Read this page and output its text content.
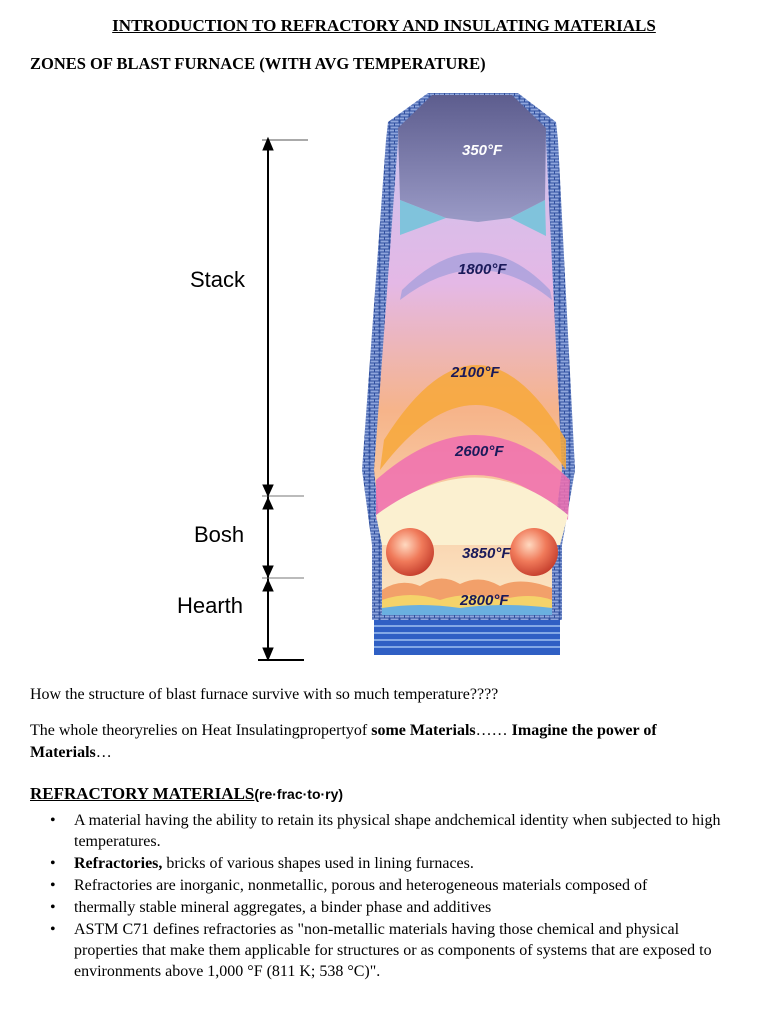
INTRODUCTION TO REFRACTORY AND INSULATING MATERIALS
ZONES OF BLAST FURNACE (WITH AVG TEMPERATURE)
Stack
Bosh
Hearth
350°F
1800°F
2100°F
2600°F
3850°F
2800°F
How the structure of blast furnace survive with so much temperature????
The whole theoryrelies on Heat Insulatingpropertyof some Materials…… Imagine the power of Materials…
REFRACTORY MATERIALS(re·frac·to·ry)
• A material having the ability to retain its physical shape andchemical identity when subjected to high temperatures.
• Refractories, bricks of various shapes used in lining furnaces.
• Refractories are inorganic, nonmetallic, porous and heterogeneous materials composed of
• thermally stable mineral aggregates, a binder phase and additives
• ASTM C71 defines refractories as "non-metallic materials having those chemical and physical properties that make them applicable for structures or as components of systems that are exposed to environments above 1,000 °F (811 K; 538 °C)".
